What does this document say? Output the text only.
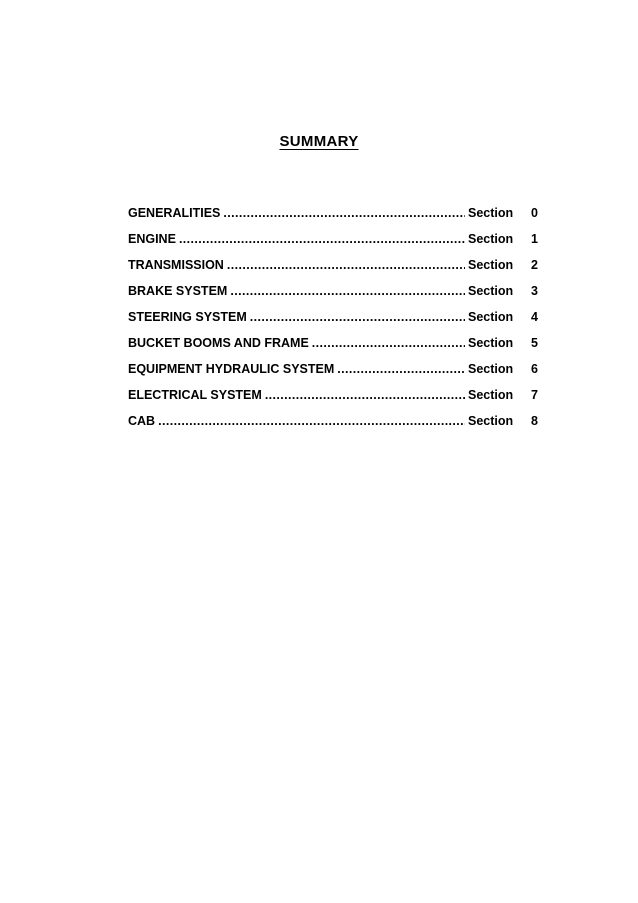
SUMMARY
GENERALITIES .....	Section	0
ENGINE .....	Section	1
TRANSMISSION .....	Section	2
BRAKE SYSTEM .....	Section	3
STEERING SYSTEM .....	Section	4
BUCKET BOOMS AND FRAME .....	Section	5
EQUIPMENT HYDRAULIC SYSTEM .....	Section	6
ELECTRICAL SYSTEM .....	Section	7
CAB .....	Section	8
